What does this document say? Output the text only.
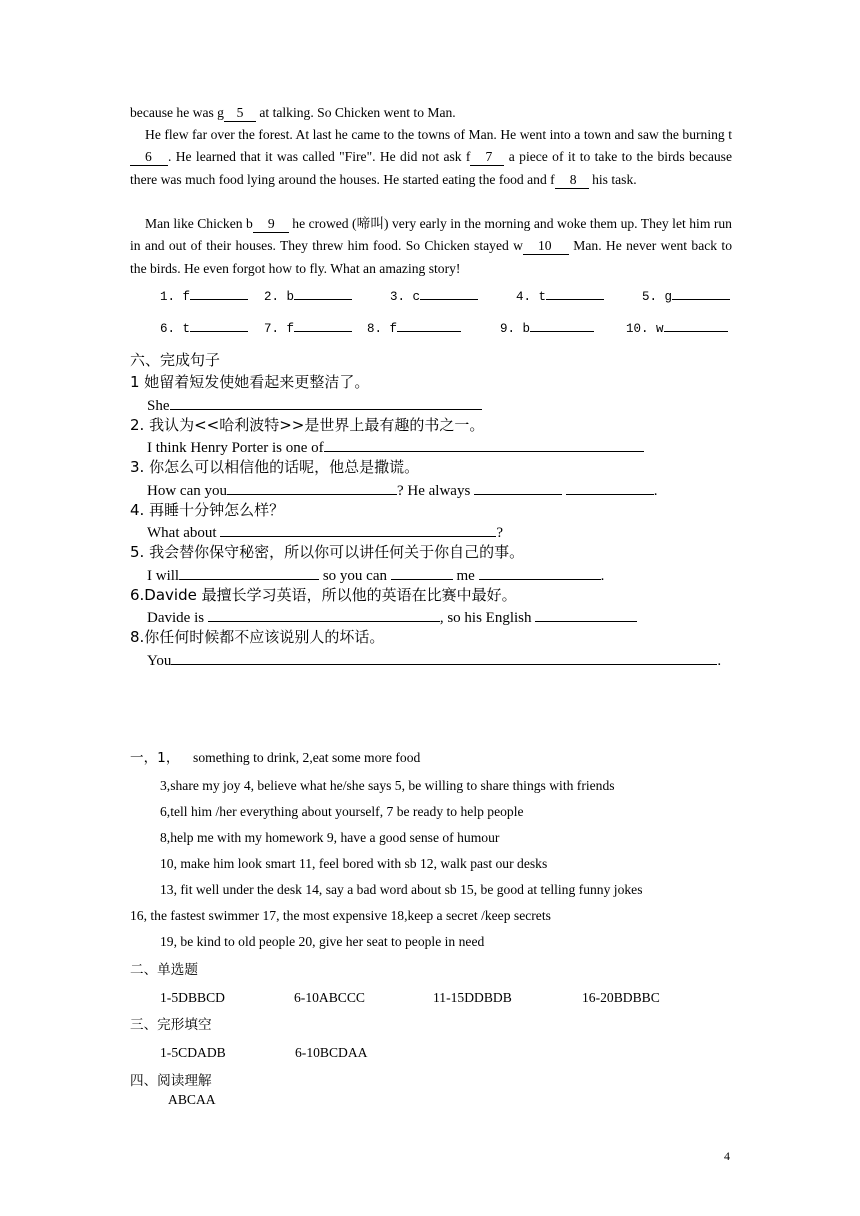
because he was g 5 at talking. So Chicken went to Man.
He flew far over the forest. At last he came to the towns of Man. He went into a town and saw the burning t6 . He learned that it was called "Fire". He did not ask f 7 a piece of it to take to the birds because there was much food lying around the houses. He started eating the food and f 8 his task.
Man like Chicken b 9 he crowed (啼叫) very early in the morning and woke them up. They let him run in and out of their houses. They threw him food. So Chicken stayed w 10 Man. He never went back to the birds. He even forgot how to fly. What an amazing story!
1. f	2. b	3. c	4. t	5. g
6. t	7. f	8. f	9. b	10. w
六、完成句子
1 她留着短发使她看起来更整洁了。
She
2. 我认为<<哈利波特>>是世界上最有趣的书之一。
I think Henry Porter is one of
3. 你怎么可以相信他的话呢，他总是撒谎。
How can you	? He always	.
4. 再睡十分钟怎么样？
What about	?
5. 我会替你保守秘密，所以你可以讲任何关于你自己的事。
I will	so you can	me	.
6.Davide 最擅长学习英语，所以他的英语在比赛中最好。
Davide is	, so his English
8.你任何时候都不应该说别人的坏话。
You	.
一，1， something to drink, 2,eat some more food
3,share my joy 4, believe what he/she says 5, be willing to share things with friends
6,tell him /her everything about yourself, 7 be ready to help people
8,help me with my homework 9, have a good sense of humour
10, make him look smart 11, feel bored with sb 12, walk past our desks
13, fit well under the desk 14, say a bad word about sb 15, be good at telling funny jokes
16, the fastest swimmer 17, the most expensive 18,keep a secret /keep secrets
19, be kind to old people 20, give her seat to people in need
二、单选题
1-5DBBCD	6-10ABCCC	11-15DDBDB	16-20BDBBC
三、完形填空
1-5CDADB	6-10BCDAA
四、阅读理解
ABCAA
4
